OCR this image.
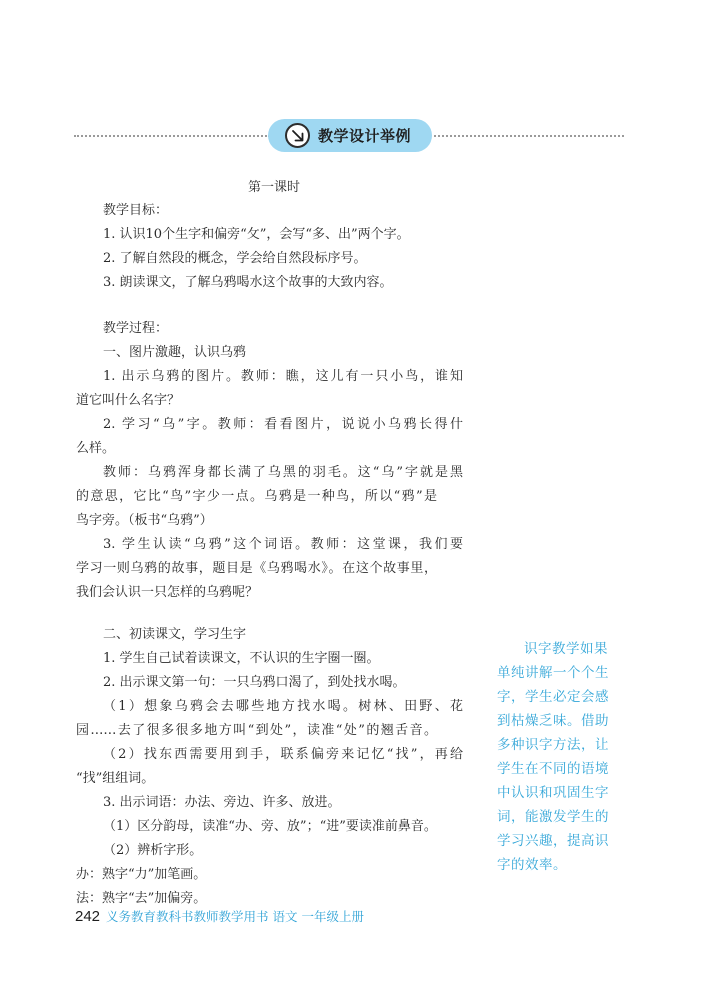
教学设计举例
第一课时
教学目标：
1. 认识10个生字和偏旁“攵”，会写“多、出”两个字。
2. 了解自然段的概念，学会给自然段标序号。
3. 朗读课文，了解乌鸦喝水这个故事的大致内容。
教学过程：
一、图片激趣，认识乌鸦
1. 出示乌鸦的图片。教师：瞧，这儿有一只小鸟，谁知
道它叫什么名字？
2. 学习“乌”字。教师：看看图片，说说小乌鸦长得什
么样。
教师：乌鸦浑身都长满了乌黑的羽毛。这“乌”字就是黑
的意思，它比“鸟”字少一点。乌鸦是一种鸟，所以“鸦”是
鸟字旁。（板书“乌鸦”）
3. 学生认读“乌鸦”这个词语。教师：这堂课，我们要
学习一则乌鸦的故事，题目是《乌鸦喝水》。在这个故事里，
我们会认识一只怎样的乌鸦呢？
二、初读课文，学习生字
1. 学生自己试着读课文，不认识的生字圈一圈。
2. 出示课文第一句：一只乌鸦口渴了，到处找水喝。
（1）想象乌鸦会去哪些地方找水喝。树林、田野、花
园……去了很多很多地方叫“到处”，读准“处”的翘舌音。
（2）找东西需要用到手，联系偏旁来记忆“找”，再给
“找”组组词。
3. 出示词语：办法、旁边、许多、放进。
（1）区分韵母，读准“办、旁、放”；“进”要读准前鼻音。
（2）辨析字形。
办：熟字“力”加笔画。
法：熟字“去”加偏旁。
识字教学如果
单纯讲解一个个生
字，学生必定会感
到枯燥乏味。借助
多种识字方法，让
学生在不同的语境
中认识和巩固生字
词，能激发学生的
学习兴趣，提高识
字的效率。
242 义务教育教科书教师教学用书 语文 一年级上册
